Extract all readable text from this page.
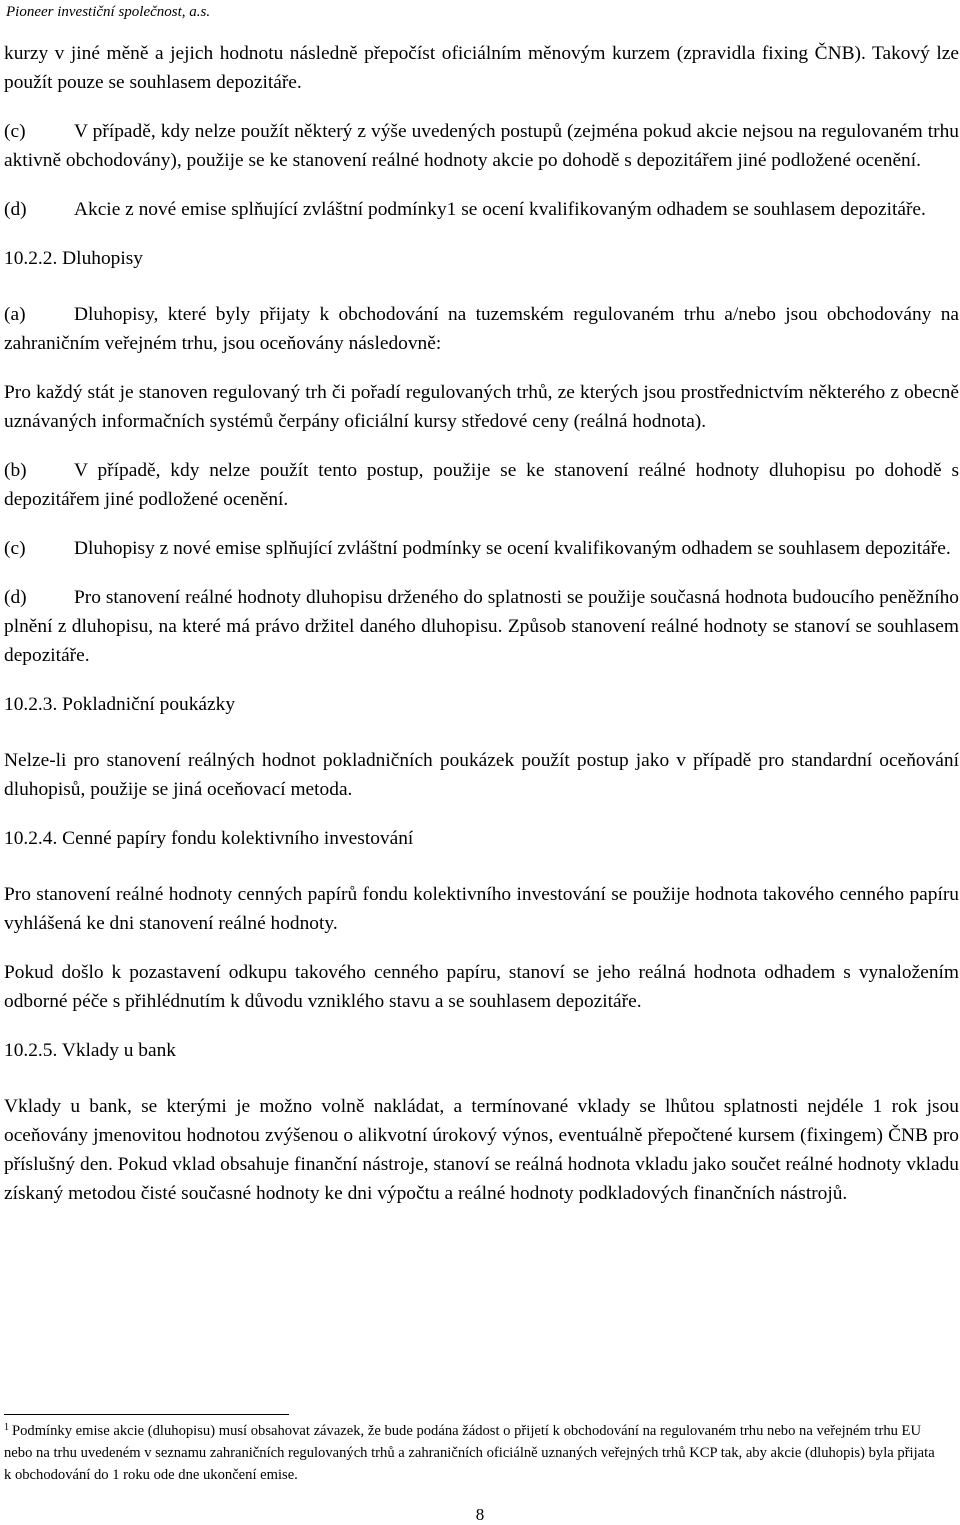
Pioneer investiční společnost, a.s.

kurzy v jiné měně a jejich hodnotu následně přepočíst oficiálním měnovým kurzem (zpravidla fixing ČNB). Takový lze použít pouze se souhlasem depozitáře.

(c) V případě, kdy nelze použít některý z výše uvedených postupů (zejména pokud akcie nejsou na regulovaném trhu aktivně obchodovány), použije se ke stanovení reálné hodnoty akcie po dohodě s depozitářem jiné podložené ocenění.

(d) Akcie z nové emise splňující zvláštní podmínky1 se ocení kvalifikovaným odhadem se souhlasem depozitáře.

10.2.2. Dluhopisy

(a) Dluhopisy, které byly přijaty k obchodování na tuzemském regulovaném trhu a/nebo jsou obchodovány na zahraničním veřejném trhu, jsou oceňovány následovně:

Pro každý stát je stanoven regulovaný trh či pořadí regulovaných trhů, ze kterých jsou prostřednictvím některého z obecně uznávaných informačních systémů čerpány oficiální kursy středové ceny (reálná hodnota).

(b) V případě, kdy nelze použít tento postup, použije se ke stanovení reálné hodnoty dluhopisu po dohodě s depozitářem jiné podložené ocenění.

(c) Dluhopisy z nové emise splňující zvláštní podmínky se ocení kvalifikovaným odhadem se souhlasem depozitáře.

(d) Pro stanovení reálné hodnoty dluhopisu drženého do splatnosti se použije současná hodnota budoucího peněžního plnění z dluhopisu, na které má právo držitel daného dluhopisu. Způsob stanovení reálné hodnoty se stanoví se souhlasem depozitáře.

10.2.3. Pokladniční poukázky

Nelze-li pro stanovení reálných hodnot pokladničních poukázek použít postup jako v případě pro standardní oceňování dluhopisů, použije se jiná oceňovací metoda.

10.2.4. Cenné papíry fondu kolektivního investování

Pro stanovení reálné hodnoty cenných papírů fondu kolektivního investování se použije hodnota takového cenného papíru vyhlášená ke dni stanovení reálné hodnoty.

Pokud došlo k pozastavení odkupu takového cenného papíru, stanoví se jeho reálná hodnota odhadem s vynaložením odborné péče s přihlédnutím k důvodu vzniklého stavu a se souhlasem depozitáře.

10.2.5. Vklady u bank

Vklady u bank, se kterými je možno volně nakládat, a termínované vklady se lhůtou splatnosti nejdéle 1 rok jsou oceňovány jmenovitou hodnotou zvýšenou o alikvotní úrokový výnos, eventuálně přepočtené kursem (fixingem) ČNB pro příslušný den. Pokud vklad obsahuje finanční nástroje, stanoví se reálná hodnota vkladu jako součet reálné hodnoty vkladu získaný metodou čisté současné hodnoty ke dni výpočtu a reálné hodnoty podkladových finančních nástrojů.

$^1$ Podmínky emise akcie (dluhopisu) musí obsahovat závazek, že bude podána žádost o přijetí k obchodování na regulovaném trhu nebo na veřejném trhu EU nebo na trhu uvedeném v seznamu zahraničních regulovaných trhů a zahraničních oficiálně uznaných veřejných trhů KCP tak, aby akcie (dluhopis) byla přijata k obchodování do 1 roku ode dne ukončení emise.
8
